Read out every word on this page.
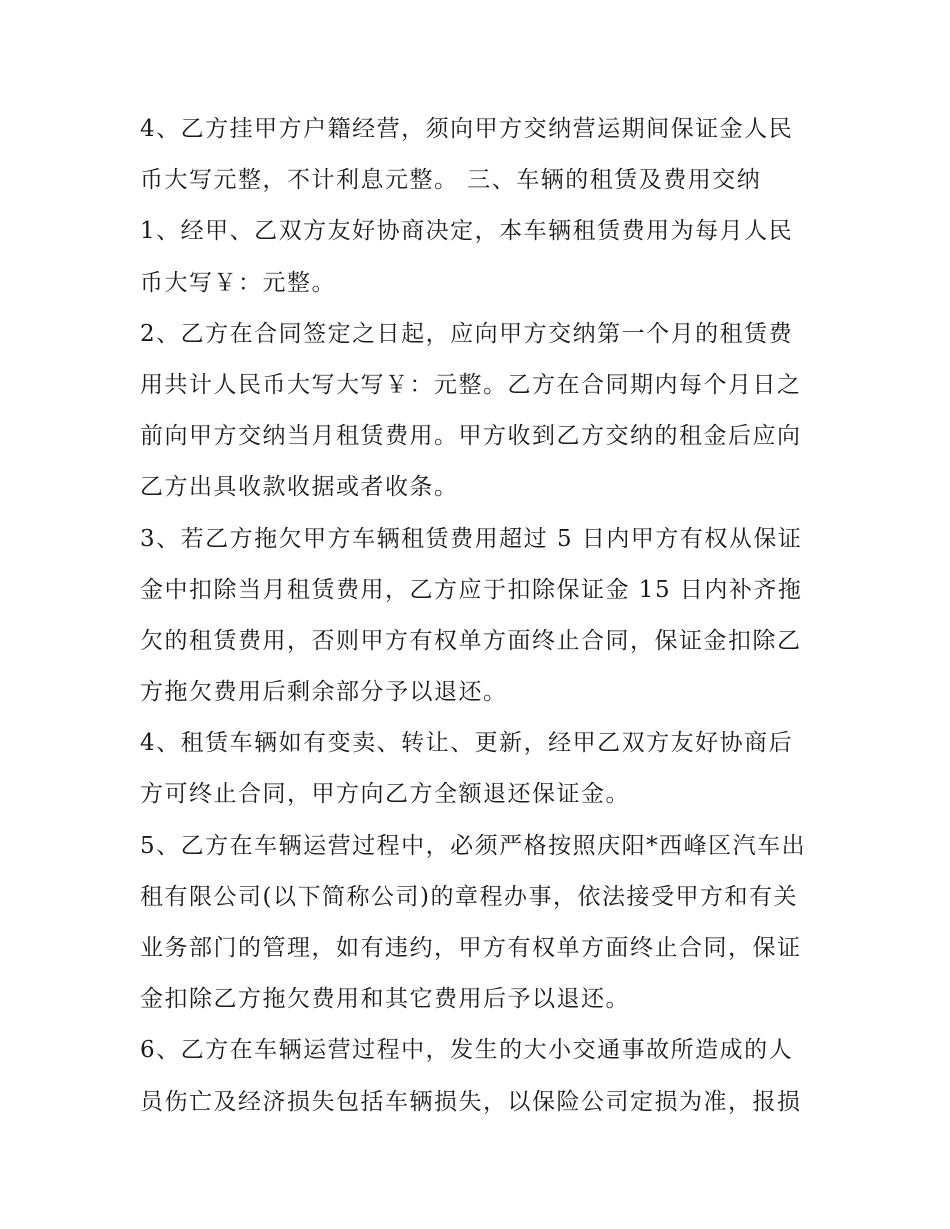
4、乙方挂甲方户籍经营，须向甲方交纳营运期间保证金人民
币大写元整，不计利息元整。 三、车辆的租赁及费用交纳
1、经甲、乙双方友好协商决定，本车辆租赁费用为每月人民
币大写￥：元整。
2、乙方在合同签定之日起，应向甲方交纳第一个月的租赁费
用共计人民币大写大写￥：元整。乙方在合同期内每个月日之
前向甲方交纳当月租赁费用。甲方收到乙方交纳的租金后应向
乙方出具收款收据或者收条。
3、若乙方拖欠甲方车辆租赁费用超过 5 日内甲方有权从保证
金中扣除当月租赁费用，乙方应于扣除保证金 15 日内补齐拖
欠的租赁费用，否则甲方有权单方面终止合同，保证金扣除乙
方拖欠费用后剩余部分予以退还。
4、租赁车辆如有变卖、转让、更新，经甲乙双方友好协商后
方可终止合同，甲方向乙方全额退还保证金。
5、乙方在车辆运营过程中，必须严格按照庆阳*西峰区汽车出
租有限公司(以下简称公司)的章程办事，依法接受甲方和有关
业务部门的管理，如有违约，甲方有权单方面终止合同，保证
金扣除乙方拖欠费用和其它费用后予以退还。
6、乙方在车辆运营过程中，发生的大小交通事故所造成的人
员伤亡及经济损失包括车辆损失，以保险公司定损为准，报损
